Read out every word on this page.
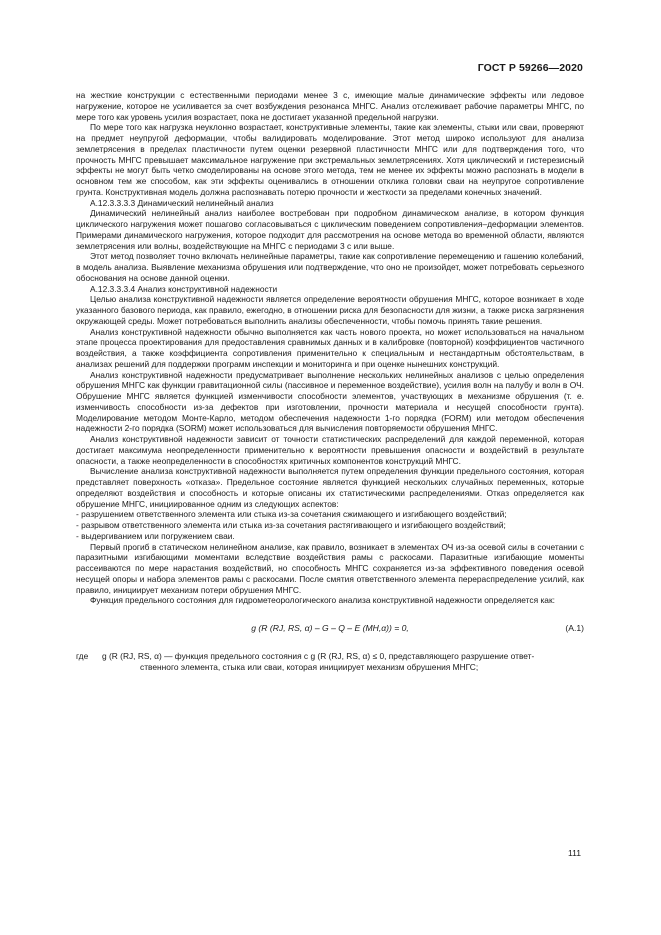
ГОСТ Р 59266—2020

на жесткие конструкции с естественными периодами менее 3 с, имеющие малые динамические эффекты или ледовое нагружение, которое не усиливается за счет возбуждения резонанса МНГС. Анализ отслеживает рабочие параметры МНГС, по мере того как уровень усилия возрастает, пока не достигает указанной предельной нагрузки.

По мере того как нагрузка неуклонно возрастает, конструктивные элементы, такие как элементы, стыки или сваи, проверяют на предмет неупругой деформации, чтобы валидировать моделирование. Этот метод широко используют для анализа землетрясения в пределах пластичности путем оценки резервной пластичности МНГС или для подтверждения того, что прочность МНГС превышает максимальное нагружение при экстремальных землетрясениях. Хотя циклический и гистерезисный эффекты не могут быть четко смоделированы на основе этого метода, тем не менее их эффекты можно распознать в модели в основном тем же способом, как эти эффекты оценивались в отношении отклика головки сваи на неупругое сопротивление грунта. Конструктивная модель должна распознавать потерю прочности и жесткости за пределами конечных значений.

А.12.3.3.3.3 Динамический нелинейный анализ

Динамический нелинейный анализ наиболее востребован при подробном динамическом анализе, в котором функция циклического нагружения может пошагово согласовываться с циклическим поведением сопротивления–деформации элементов. Примерами динамического нагружения, которое подходит для рассмотрения на основе метода во временной области, являются землетрясения или волны, воздействующие на МНГС с периодами 3 с или выше.

Этот метод позволяет точно включать нелинейные параметры, такие как сопротивление перемещению и гашению колебаний, в модель анализа. Выявление механизма обрушения или подтверждение, что оно не произойдет, может потребовать серьезного обоснования на основе данной оценки.

А.12.3.3.3.4 Анализ конструктивной надежности

Целью анализа конструктивной надежности является определение вероятности обрушения МНГС, которое возникает в ходе указанного базового периода, как правило, ежегодно, в отношении риска для безопасности для жизни, а также риска загрязнения окружающей среды. Может потребоваться выполнить анализы обеспеченности, чтобы помочь принять такие решения.

Анализ конструктивной надежности обычно выполняется как часть нового проекта, но может использоваться на начальном этапе процесса проектирования для предоставления сравнимых данных и в калибровке (повторной) коэффициентов частичного воздействия, а также коэффициента сопротивления применительно к специальным и нестандартным обстоятельствам, в анализах решений для поддержки программ инспекции и мониторинга и при оценке нынешних конструкций.

Анализ конструктивной надежности предусматривает выполнение нескольких нелинейных анализов с целью определения обрушения МНГС как функции гравитационной силы (пассивное и переменное воздействие), усилия волн на палубу и волн в ОЧ. Обрушение МНГС является функцией изменчивости способности элементов, участвующих в механизме обрушения (т. е. изменчивость способности из-за дефектов при изготовлении, прочности материала и несущей способности грунта). Моделирование методом Монте-Карло, методом обеспечения надежности 1-го порядка (FORM) или методом обеспечения надежности 2-го порядка (SORM) может использоваться для вычисления повторяемости обрушения МНГС.

Анализ конструктивной надежности зависит от точности статистических распределений для каждой переменной, которая достигает максимума неопределенности применительно к вероятности превышения опасности и воздействий в результате опасности, а также неопределенности в способностях критичных компонентов конструкций МНГС.

Вычисление анализа конструктивной надежности выполняется путем определения функции предельного состояния, которая представляет поверхность «отказа». Предельное состояние является функцией нескольких случайных переменных, которые определяют воздействия и способность и которые описаны их статистическими распределениями. Отказ определяется как обрушение МНГС, инициированное одним из следующих аспектов:

- разрушением ответственного элемента или стыка из-за сочетания сжимающего и изгибающего воздействий;

- разрывом ответственного элемента или стыка из-за сочетания растягивающего и изгибающего воздействий;

- выдергиванием или погружением сваи.

Первый прогиб в статическом нелинейном анализе, как правило, возникает в элементах ОЧ из-за осевой силы в сочетании с паразитными изгибающими моментами вследствие воздействия рамы с раскосами. Паразитные изгибающие моменты рассеиваются по мере нарастания воздействий, но способность МНГС сохраняется из-за эффективного поведения осевой несущей опоры и набора элементов рамы с раскосами. После смятия ответственного элемента перераспределение усилий, как правило, инициирует механизм потери обрушения МНГС.

Функция предельного состояния для гидрометеорологического анализа конструктивной надежности определяется как:

g (R (RJ, RS, α) – G – Q – E (MH,α)) = 0,	(А.1)
где	g (R (RJ, RS, α) — функция предельного состояния с g (R (RJ, RS, α) ≤ 0, представляющего разрушение ответ-
ственного элемента, стыка или сваи, которая инициирует механизм обрушения МНГС;
111
